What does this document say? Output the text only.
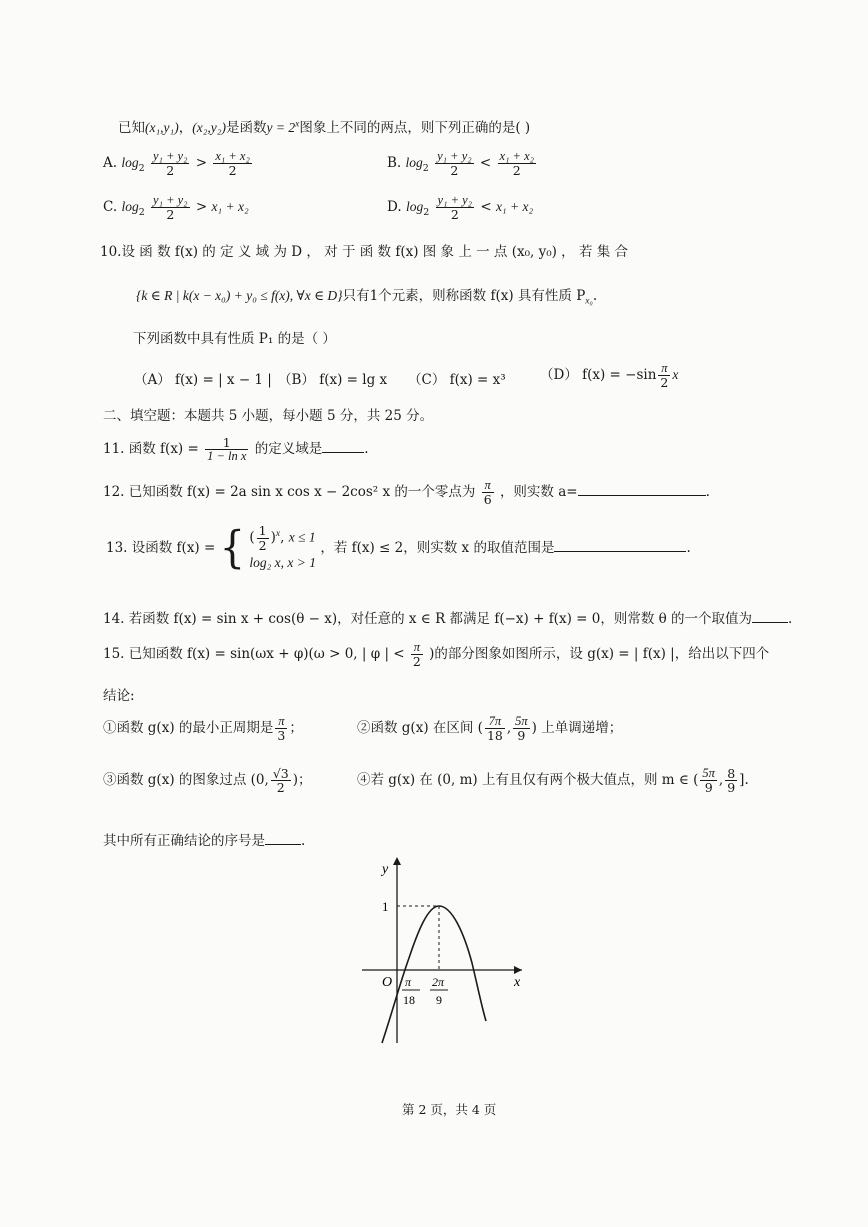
已知(x₁,y₁)，(x₂,y₂)是函数$y = 2^x$图象上不同的两点，则下列正确的是( )
A. $\log_2 \frac{\text{y₁ + y₂}}{2} > \frac{\text{x₁ + x₂}}{2}$	B. $\log_2 \frac{\text{y₁ + y₂}}{2} < \frac{\text{x₁ + x₂}}{2}$
C. $\log_2 \frac{\text{y₁ + y₂}}{2} > x_1 + x_2$	D. $\log_2 \frac{\text{y₁ + y₂}}{2} < x_1 + x_2$
10.设 函 数 f(x) 的 定 义 域 为 D ， 对 于 函 数 f(x) 图 象 上 一 点 (x₀, y₀) ， 若 集 合
{k ∈ R | k(x − x₀) + y₀ ≤ f(x), ∀x ∈ D}只有1个元素，则称函数 f(x) 具有性质 $P_{x_0}$.
下列函数中具有性质 P₁ 的是（ ）
（A） f(x) = | x − 1 | （B） f(x) = lg x （C） f(x) = x³	（D） $f(x) = -\sin \frac{\pi}{2}$ x
二、填空题：本题共 5 小题，每小题 5 分，共 25 分。
11. 函数 $f(x) = \frac{1}{\text{1 − ln x}}$ 的定义域是	.
12. 已知函数 f(x) = 2a sin x cos x − 2cos² x 的一个零点为 $\frac{\pi}{6}$ ，则实数 a=	.
13. 设函数 f(x) = { ( $\frac{1}{2} )^x$, x ≤ 1
log₂ x, x > 1
，若 f(x) ≤ 2，则实数 x 的取值范围是	.
14. 若函数 f(x) = sin x + cos(θ − x)，对任意的 x ∈ R 都满足 f(−x) + f(x) = 0，则常数 θ 的一个取值为	.
15. 已知函数 f(x) = sin(ωx + φ)(ω > 0, | φ | < $\frac{\pi}{2}$ )的部分图象如图所示，设 g(x) = | f(x) |，给出以下四个
结论:
①函数 g(x) 的最小正周期是 $\frac{\pi}{3}$ ；	②函数 g(x) 在区间 ( $\frac{7\pi}{18}$ , $\frac{5\pi}{9}$ ) 上单调递增；
③函数 g(x) 的图象过点 (0, $\frac{√3}{2}$ )；	④若 g(x) 在 (0, m) 上有且仅有两个极大值点，则 m ∈ ( $\frac{5\pi}{9}$ , $\frac{8}{9}$ ].
其中所有正确结论的序号是	.
y
x
O
1
π
18
2π
9
第 2 页，共 4 页
